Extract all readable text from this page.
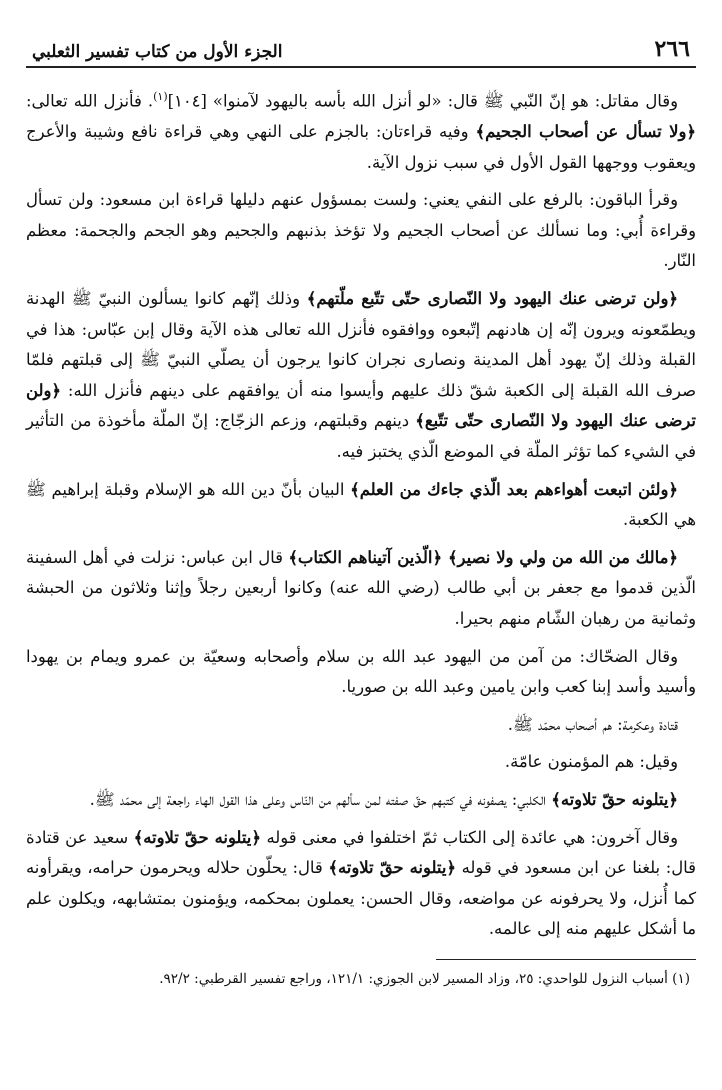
٢٦٦
الجزء الأول من كتاب تفسير الثعلبي

وقال مقاتل: هو إنّ النّبي ﷺ قال: «لو أنزل الله بأسه باليهود لآمنوا» [١٠٤]$^{(١)}$. فأنزل الله تعالى: ﴿ولا تسأل عن أصحاب الجحيم﴾ وفيه قراءتان: بالجزم على النهي وهي قراءة نافع وشيبة والأعرج ويعقوب ووجهها القول الأول في سبب نزول الآية.

وقرأ الباقون: بالرفع على النفي يعني: ولست بمسؤول عنهم دليلها قراءة ابن مسعود: ولن تسأل وقراءة أُبي: وما نسألك عن أصحاب الجحيم ولا تؤخذ بذنبهم والجحيم وهو الجحم والجحمة: معظم النّار.

﴿ولن ترضى عنك اليهود ولا النّصارى حتّى تتّبع ملّتهم﴾ وذلك إنّهم كانوا يسألون النبيّ ﷺ الهدنة ويطمّعونه ويرون إنّه إن هادنهم إتّبعوه ووافقوه فأنزل الله تعالى هذه الآية وقال إبن عبّاس: هذا في القبلة وذلك إنّ يهود أهل المدينة ونصارى نجران كانوا يرجون أن يصلّي النبيّ ﷺ إلى قبلتهم فلمّا صرف الله القبلة إلى الكعبة شقّ ذلك عليهم وأيسوا منه أن يوافقهم على دينهم فأنزل الله: ﴿ولن ترضى عنك اليهود ولا النّصارى حتّى تتّبع﴾ دينهم وقبلتهم، وزعم الزجّاج: إنّ الملّة مأخوذة من التأثير في الشيء كما تؤثر الملّة في الموضع الّذي يختبز فيه.

﴿ولئن اتبعت أهواءهم بعد الّذي جاءك من العلم﴾ البيان بأنّ دين الله هو الإسلام وقبلة إبراهيم ﷺ هي الكعبة.

﴿مالك من الله من ولي ولا نصير﴾ ﴿الّذين آتيناهم الكتاب﴾ قال ابن عباس: نزلت في أهل السفينة الّذين قدموا مع جعفر بن أبي طالب (رضي الله عنه) وكانوا أربعين رجلاً وإثنا وثلاثون من الحبشة وثمانية من رهبان الشّام منهم بحيرا.

وقال الضحّاك: من آمن من اليهود عبد الله بن سلام وأصحابه وسعيّة بن عمرو ويمام بن يهودا وأسيد وأسد إبنا كعب وابن يامين وعبد الله بن صوريا.

قتادة وعكرمة: هم أصحاب محمّد ﷺ.

وقيل: هم المؤمنون عامّة.

﴿يتلونه حقّ تلاوته﴾ الكلبي: يصفونه في كتبهم حقّ صفته لمن سألهم من النّاس وعلى هذا القول الهاء راجعة إلى محمّد ﷺ.

وقال آخرون: هي عائدة إلى الكتاب ثمّ اختلفوا في معنى قوله ﴿يتلونه حقّ تلاوته﴾ سعيد عن قتادة قال: بلغنا عن ابن مسعود في قوله ﴿يتلونه حقّ تلاوته﴾ قال: يحلّون حلاله ويحرمون حرامه، ويقرأونه كما أُنزل، ولا يحرفونه عن مواضعه، وقال الحسن: يعملون بمحكمه، ويؤمنون بمتشابهه، ويكلون علم ما أشكل عليهم منه إلى عالمه.

(١) أسباب النزول للواحدي: ٢٥، وزاد المسير لابن الجوزي: ١٢١/١، وراجع تفسير القرطبي: ٩٢/٢.
